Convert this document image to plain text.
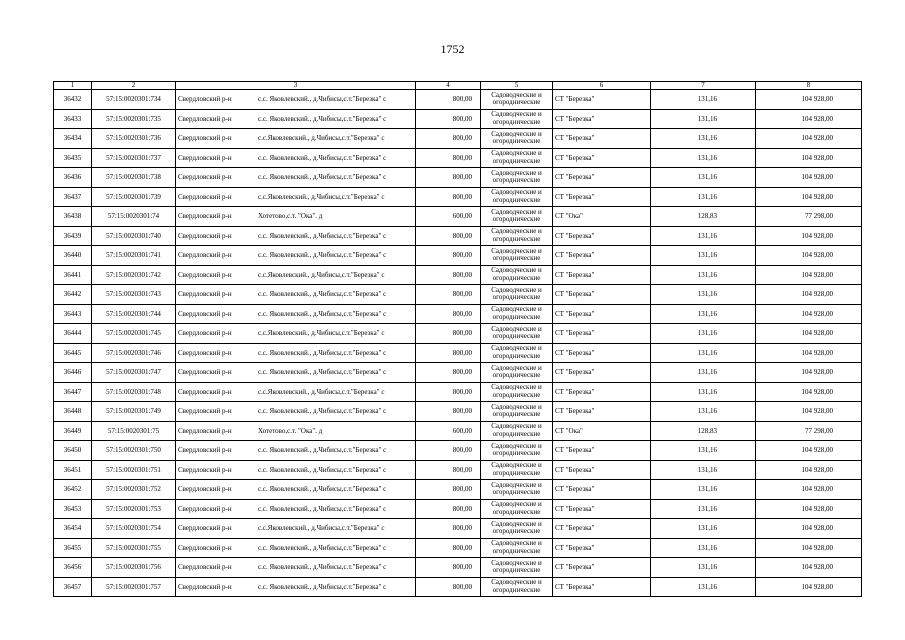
1752
1	2	3	4	5	6	7	8
36432	57:15:0020301:734	Свердловский р-н с.с. Яковлевский., д.Чибисы,с.т."Березка" с	800,00	Садоводческие и огороднические	СТ "Березка"	131,16	104 928,00
36433	57:15:0020301:735	Свердловский р-н с.с. Яковлевский., д.Чибисы,с.т."Березка" с	800,00	Садоводческие и огороднические	СТ "Березка"	131,16	104 928,00
36434	57:15:0020301:736	Свердловский р-н с.с.Яковлевский., д.Чибисы,с.т."Березка" с	800,00	Садоводческие и огороднические	СТ "Березка"	131,16	104 928,00
36435	57:15:0020301:737	Свердловский р-н с.с. Яковлевский., д.Чибисы,с.т."Березка" с	800,00	Садоводческие и огороднические	СТ "Березка"	131,16	104 928,00
36436	57:15:0020301:738	Свердловский р-н с.с. Яковлевский., д.Чибисы,с.т."Березка" с	800,00	Садоводческие и огороднические	СТ "Березка"	131,16	104 928,00
36437	57:15:0020301:739	Свердловский р-н с.с.Яковлевский., д.Чибисы,с.т."Березка" с	800,00	Садоводческие и огороднические	СТ "Березка"	131,16	104 928,00
36438	57:15:0020301:74	Свердловский р-н Хотетово,с.т. "Ока". д	600,00	Садоводческие и огороднические	СТ "Ока"	128,83	77 298,00
36439	57:15:0020301:740	Свердловский р-н с.с. Яковлевский., д.Чибисы,с.т."Березка" с	800,00	Садоводческие и огороднические	СТ "Березка"	131,16	104 928,00
36440	57:15:0020301:741	Свердловский р-н с.с. Яковлевский., д.Чибисы,с.т."Березка" с	800,00	Садоводческие и огороднические	СТ "Березка"	131,16	104 928,00
36441	57:15:0020301:742	Свердловский р-н с.с.Яковлевский., д.Чибисы,с.т."Березка" с	800,00	Садоводческие и огороднические	СТ "Березка"	131,16	104 928,00
36442	57:15:0020301:743	Свердловский р-н с.с. Яковлевский., д.Чибисы,с.т."Березка" с	800,00	Садоводческие и огороднические	СТ "Березка"	131,16	104 928,00
36443	57:15:0020301:744	Свердловский р-н с.с. Яковлевский., д.Чибисы,с.т."Березка" с	800,00	Садоводческие и огороднические	СТ "Березка"	131,16	104 928,00
36444	57:15:0020301:745	Свердловский р-н с.с.Яковлевский., д.Чибисы,с.т."Березка" с	800,00	Садоводческие и огороднические	СТ "Березка"	131,16	104 928,00
36445	57:15:0020301:746	Свердловский р-н с.с. Яковлевский., д.Чибисы,с.т."Березка" с	800,00	Садоводческие и огороднические	СТ "Березка"	131,16	104 928,00
36446	57:15:0020301:747	Свердловский р-н с.с. Яковлевский., д.Чибисы,с.т."Березка" с	800,00	Садоводческие и огороднические	СТ "Березка"	131,16	104 928,00
36447	57:15:0020301:748	Свердловский р-н с.с.Яковлевский., д.Чибисы,с.т."Березка" с	800,00	Садоводческие и огороднические	СТ "Березка"	131,16	104 928,00
36448	57:15:0020301:749	Свердловский р-н с.с. Яковлевский., д.Чибисы,с.т."Березка" с	800,00	Садоводческие и огороднические	СТ "Березка"	131,16	104 928,00
36449	57:15:0020301:75	Свердловский р-н Хотетово,с.т. "Ока". д	600,00	Садоводческие и огороднические	СТ "Ока"	128,83	77 298,00
36450	57:15:0020301:750	Свердловский р-н с.с. Яковлевский., д.Чибисы,с.т."Березка" с	800,00	Садоводческие и огороднические	СТ "Березка"	131,16	104 928,00
36451	57:15:0020301:751	Свердловский р-н с.с. Яковлевский., д.Чибисы,с.т."Березка" с	800,00	Садоводческие и огороднические	СТ "Березка"	131,16	104 928,00
36452	57:15:0020301:752	Свердловский р-н с.с. Яковлевский., д.Чибисы,с.т."Березка" с	800,00	Садоводческие и огороднические	СТ "Березка"	131,16	104 928,00
36453	57:15:0020301:753	Свердловский р-н с.с. Яковлевский., д.Чибисы,с.т."Березка" с	800,00	Садоводческие и огороднические	СТ "Березка"	131,16	104 928,00
36454	57:15:0020301:754	Свердловский р-н с.с.Яковлевский., д.Чибисы,с.т."Березка" с	800,00	Садоводческие и огороднические	СТ "Березка"	131,16	104 928,00
36455	57:15:0020301:755	Свердловский р-н с.с. Яковлевский., д.Чибисы,с.т."Березка" с	800,00	Садоводческие и огороднические	СТ "Березка"	131,16	104 928,00
36456	57:15:0020301:756	Свердловский р-н с.с. Яковлевский., д.Чибисы,с.т."Березка" с	800,00	Садоводческие и огороднические	СТ "Березка"	131,16	104 928,00
36457	57:15:0020301:757	Свердловский р-н с.с. Яковлевский., д.Чибисы,с.т."Березка" с	800,00	Садоводческие и огороднические	СТ "Березка"	131,16	104 928,00
